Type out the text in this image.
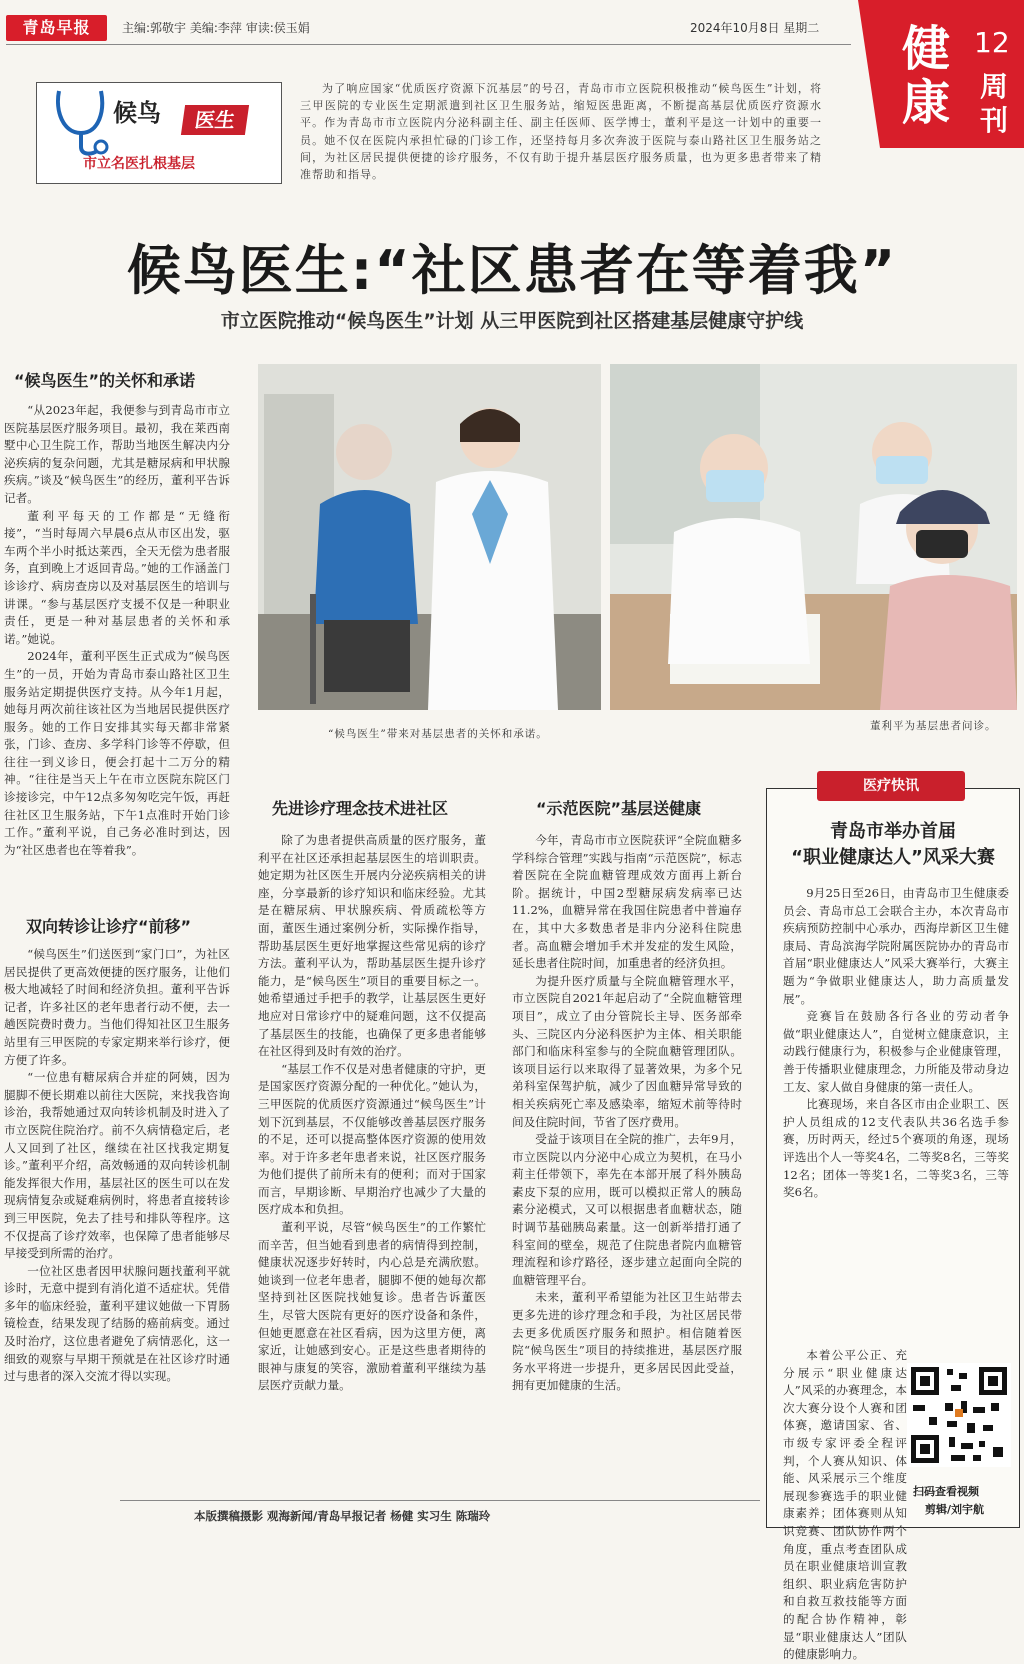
青岛早报	主编:郭敬宇 美编:李萍 审读:侯玉娟	2024年10月8日 星期二 健康
12
周刊
候鸟	医生
市立名医扎根基层
为了响应国家“优质医疗资源下沉基层”的号召，青岛市市立医院积极推动“候鸟医生”计划，将三甲医院的专业医生定期派遣到社区卫生服务站，缩短医患距离，不断提高基层优质医疗资源水平。作为青岛市市立医院内分泌科副主任、副主任医师、医学博士，董利平是这一计划中的重要一员。她不仅在医院内承担忙碌的门诊工作，还坚持每月多次奔波于医院与泰山路社区卫生服务站之间，为社区居民提供便捷的诊疗服务，不仅有助于提升基层医疗服务质量，也为更多患者带来了精准帮助和指导。
候鸟医生:“社区患者在等着我”
市立医院推动“候鸟医生”计划 从三甲医院到社区搭建基层健康守护线
“候鸟医生”带来对基层患者的关怀和承诺。
董利平为基层患者问诊。
“候鸟医生”的关怀和承诺

“从2023年起，我便参与到青岛市市立医院基层医疗服务项目。最初，我在莱西南墅中心卫生院工作，帮助当地医生解决内分泌疾病的复杂问题，尤其是糖尿病和甲状腺疾病。”谈及“候鸟医生”的经历，董利平告诉记者。

董利平每天的工作都是“无缝衔接”，“当时每周六早晨6点从市区出发，驱车两个半小时抵达莱西，全天无偿为患者服务，直到晚上才返回青岛。”她的工作涵盖门诊诊疗、病房查房以及对基层医生的培训与讲课。“参与基层医疗支援不仅是一种职业责任，更是一种对基层患者的关怀和承诺。”她说。

2024年，董利平医生正式成为“候鸟医生”的一员，开始为青岛市泰山路社区卫生服务站定期提供医疗支持。从今年1月起，她每月两次前往该社区为当地居民提供医疗服务。她的工作日安排其实每天都非常紧张，门诊、查房、多学科门诊等不停歇，但往往一到义诊日，便会打起十二万分的精神。“往往是当天上午在市立医院东院区门诊接诊完，中午12点多匆匆吃完午饭，再赶往社区卫生服务站，下午1点准时开始门诊工作。”董利平说，自己务必准时到达，因为“社区患者也在等着我”。

双向转诊让诊疗“前移”

“候鸟医生”们送医到“家门口”，为社区居民提供了更高效便捷的医疗服务，让他们极大地减轻了时间和经济负担。董利平告诉记者，许多社区的老年患者行动不便，去一趟医院费时费力。当他们得知社区卫生服务站里有三甲医院的专家定期来举行诊疗，便方便了许多。

“一位患有糖尿病合并症的阿姨，因为腿脚不便长期难以前往大医院，来找我咨询诊治，我帮她通过双向转诊机制及时进入了市立医院住院治疗。前不久病情稳定后，老人又回到了社区，继续在社区找我定期复诊。”董利平介绍，高效畅通的双向转诊机制能发挥很大作用，基层社区的医生可以在发现病情复杂或疑难病例时，将患者直接转诊到三甲医院，免去了挂号和排队等程序。这不仅提高了诊疗效率，也保障了患者能够尽早接受到所需的治疗。

一位社区患者因甲状腺问题找董利平就诊时，无意中提到有消化道不适症状。凭借多年的临床经验，董利平建议她做一下胃肠镜检查，结果发现了结肠的癌前病变。通过及时治疗，这位患者避免了病情恶化，这一细致的观察与早期干预就是在社区诊疗时通过与患者的深入交流才得以实现。

先进诊疗理念技术进社区

除了为患者提供高质量的医疗服务，董利平在社区还承担起基层医生的培训职责。她定期为社区医生开展内分泌疾病相关的讲座，分享最新的诊疗知识和临床经验。尤其是在糖尿病、甲状腺疾病、骨质疏松等方面，董医生通过案例分析，实际操作指导，帮助基层医生更好地掌握这些常见病的诊疗方法。董利平认为，帮助基层医生提升诊疗能力，是“候鸟医生”项目的重要目标之一。她希望通过手把手的教学，让基层医生更好地应对日常诊疗中的疑难问题，这不仅提高了基层医生的技能，也确保了更多患者能够在社区得到及时有效的治疗。

“基层工作不仅是对患者健康的守护，更是国家医疗资源分配的一种优化。”她认为，三甲医院的优质医疗资源通过“候鸟医生”计划下沉到基层，不仅能够改善基层医疗服务的不足，还可以提高整体医疗资源的使用效率。对于许多老年患者来说，社区医疗服务为他们提供了前所未有的便利；而对于国家而言，早期诊断、早期治疗也减少了大量的医疗成本和负担。

董利平说，尽管“候鸟医生”的工作繁忙而辛苦，但当她看到患者的病情得到控制，健康状况逐步好转时，内心总是充满欣慰。她谈到一位老年患者，腿脚不便的她每次都坚持到社区医院找她复诊。患者告诉董医生，尽管大医院有更好的医疗设备和条件，但她更愿意在社区看病，因为这里方便，离家近，让她感到安心。正是这些患者期待的眼神与康复的笑容，激励着董利平继续为基层医疗贡献力量。

“示范医院”基层送健康

今年，青岛市市立医院获评“全院血糖多学科综合管理”实践与指南“示范医院”，标志着医院在全院血糖管理成效方面再上新台阶。据统计，中国2型糖尿病发病率已达11.2%，血糖异常在我国住院患者中普遍存在，其中大多数患者是非内分泌科住院患者。高血糖会增加手术并发症的发生风险，延长患者住院时间，加重患者的经济负担。

为提升医疗质量与全院血糖管理水平，市立医院自2021年起启动了“全院血糖管理项目”，成立了由分管院长主导、医务部牵头、三院区内分泌科医护为主体、相关职能部门和临床科室参与的全院血糖管理团队。该项目运行以来取得了显著效果，为多个兄弟科室保驾护航，减少了因血糖异常导致的相关疾病死亡率及感染率，缩短术前等待时间及住院时间，节省了医疗费用。

受益于该项目在全院的推广，去年9月，市立医院以内分泌中心成立为契机，在马小莉主任带领下，率先在本部开展了科外胰岛素皮下泵的应用，既可以模拟正常人的胰岛素分泌模式，又可以根据患者血糖状态，随时调节基础胰岛素量。这一创新举措打通了科室间的壁垒，规范了住院患者院内血糖管理流程和诊疗路径，逐步建立起面向全院的血糖管理平台。

未来，董利平希望能为社区卫生站带去更多先进的诊疗理念和手段，为社区居民带去更多优质医疗服务和照护。相信随着医院“候鸟医生”项目的持续推进，基层医疗服务水平将进一步提升，更多居民因此受益，拥有更加健康的生活。

医疗快讯
青岛市举办首届
“职业健康达人”风采大赛

9月25日至26日，由青岛市卫生健康委员会、青岛市总工会联合主办，本次青岛市疾病预防控制中心承办，西海岸新区卫生健康局、青岛滨海学院附属医院协办的青岛市首届“职业健康达人”风采大赛举行，大赛主题为“争做职业健康达人，助力高质量发展”。

竞赛旨在鼓励各行各业的劳动者争做“职业健康达人”，自觉树立健康意识，主动践行健康行为，积极参与企业健康管理，善于传播职业健康理念，力所能及带动身边工友、家人做自身健康的第一责任人。

比赛现场，来自各区市由企业职工、医护人员组成的12支代表队共36名选手参赛，历时两天，经过5个赛项的角逐，现场评选出个人一等奖4名，二等奖8名，三等奖12名；团体一等奖1名，二等奖3名，三等奖6名。

本着公平公正、充分展示“职业健康达人”风采的办赛理念，本次大赛分设个人赛和团体赛，邀请国家、省、市级专家评委全程评判，个人赛从知识、体能、风采展示三个维度展现参赛选手的职业健康素养；团体赛则从知识竞赛、团队协作两个角度，重点考查团队成员在职业健康培训宣教组织、职业病危害防护和自救互救技能等方面的配合协作精神，彰显“职业健康达人”团队的健康影响力。

扫码查看视频
剪辑/刘宇航
本版撰稿摄影 观海新闻/青岛早报记者 杨健 实习生 陈瑞玲
